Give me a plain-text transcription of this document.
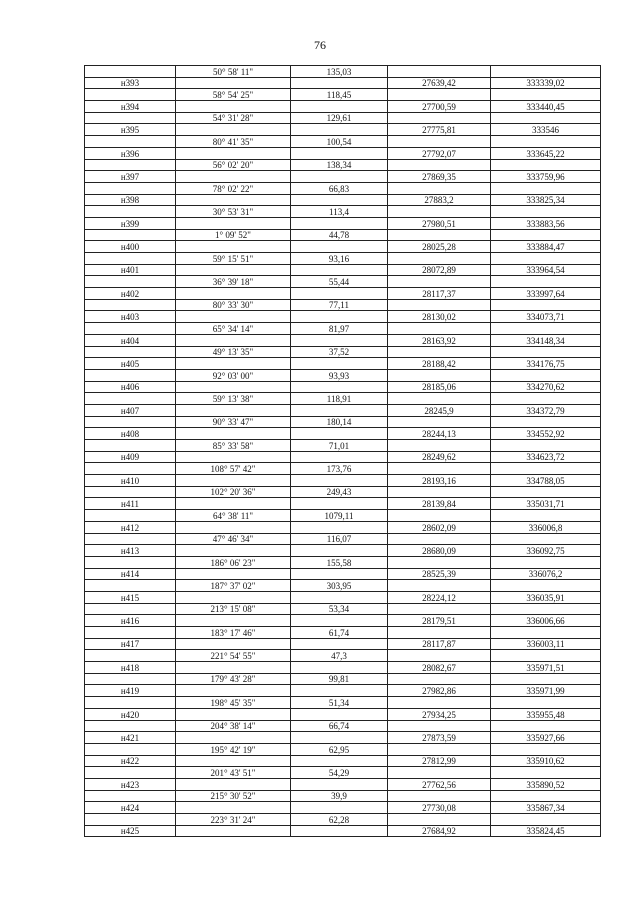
76
	50° 58' 11"	135,03		
н393			27639,42	333339,02
	58° 54' 25"	118,45		
н394			27700,59	333440,45
	54° 31' 28"	129,61		
н395			27775,81	333546
	80° 41' 35"	100,54		
н396			27792,07	333645,22
	56° 02' 20"	138,34		
н397			27869,35	333759,96
	78° 02' 22"	66,83		
н398			27883,2	333825,34
	30° 53' 31"	113,4		
н399			27980,51	333883,56
	1° 09' 52"	44,78		
н400			28025,28	333884,47
	59° 15' 51"	93,16		
н401			28072,89	333964,54
	36° 39' 18"	55,44		
н402			28117,37	333997,64
	80° 33' 30"	77,11		
н403			28130,02	334073,71
	65° 34' 14"	81,97		
н404			28163,92	334148,34
	49° 13' 35"	37,52		
н405			28188,42	334176,75
	92° 03' 00"	93,93		
н406			28185,06	334270,62
	59° 13' 38"	118,91		
н407			28245,9	334372,79
	90° 33' 47"	180,14		
н408			28244,13	334552,92
	85° 33' 58"	71,01		
н409			28249,62	334623,72
	108° 57' 42"	173,76		
н410			28193,16	334788,05
	102° 20' 36"	249,43		
н411			28139,84	335031,71
	64° 38' 11"	1079,11		
н412			28602,09	336006,8
	47° 46' 34"	116,07		
н413			28680,09	336092,75
	186° 06' 23"	155,58		
н414			28525,39	336076,2
	187° 37' 02"	303,95		
н415			28224,12	336035,91
	213° 15' 08"	53,34		
н416			28179,51	336006,66
	183° 17' 46"	61,74		
н417			28117,87	336003,11
	221° 54' 55"	47,3		
н418			28082,67	335971,51
	179° 43' 28"	99,81		
н419			27982,86	335971,99
	198° 45' 35"	51,34		
н420			27934,25	335955,48
	204° 38' 14"	66,74		
н421			27873,59	335927,66
	195° 42' 19"	62,95		
н422			27812,99	335910,62
	201° 43' 51"	54,29		
н423			27762,56	335890,52
	215° 30' 52"	39,9		
н424			27730,08	335867,34
	223° 31' 24"	62,28		
н425			27684,92	335824,45
